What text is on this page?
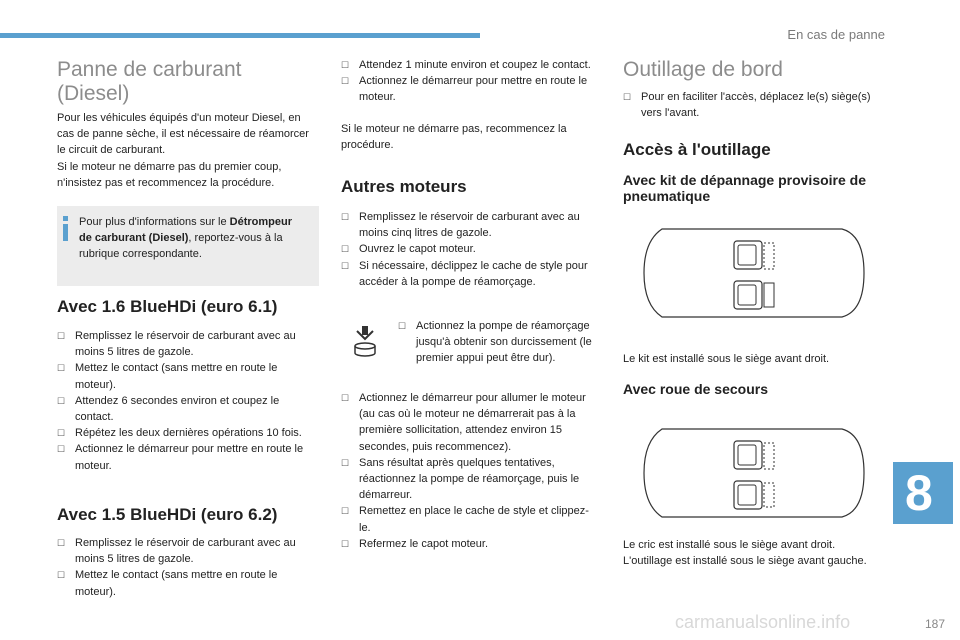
En cas de panne
Panne de carburant
(Diesel)

Pour les véhicules équipés d'un moteur Diesel, en cas de panne sèche, il est nécessaire de réamorcer le circuit de carburant.
Si le moteur ne démarre pas du premier coup, n'insistez pas et recommencez la procédure.

Pour plus d'informations sur le Détrompeur de carburant (Diesel), reportez-vous à la rubrique correspondante.
Avec 1.6 BlueHDi (euro 6.1)
☐ Remplissez le réservoir de carburant avec au moins 5 litres de gazole.
☐ Mettez le contact (sans mettre en route le moteur).
☐ Attendez 6 secondes environ et coupez le contact.
☐ Répétez les deux dernières opérations 10 fois.
☐ Actionnez le démarreur pour mettre en route le moteur.
Avec 1.5 BlueHDi (euro 6.2)
☐ Remplissez le réservoir de carburant avec au moins 5 litres de gazole.
☐ Mettez le contact (sans mettre en route le moteur).
☐ Attendez 1 minute environ et coupez le contact.
☐ Actionnez le démarreur pour mettre en route le moteur.

Si le moteur ne démarre pas, recommencez la procédure.

Autres moteurs
☐ Remplissez le réservoir de carburant avec au moins cinq litres de gazole.
☐ Ouvrez le capot moteur.
☐ Si nécessaire, déclippez le cache de style pour accéder à la pompe de réamorçage.
☐ Actionnez la pompe de réamorçage jusqu'à obtenir son durcissement (le premier appui peut être dur).
☐ Actionnez le démarreur pour allumer le moteur (au cas où le moteur ne démarrerait pas à la première sollicitation, attendez environ 15 secondes, puis recommencez).
☐ Sans résultat après quelques tentatives, réactionnez la pompe de réamorçage, puis le démarreur.
☐ Remettez en place le cache de style et clippez-le.
☐ Refermez le capot moteur.
Outillage de bord
☐ Pour en faciliter l'accès, déplacez le(s) siège(s) vers l'avant.
Accès à l'outillage
Avec kit de dépannage provisoire de pneumatique

Le kit est installé sous le siège avant droit.

Avec roue de secours

Le cric est installé sous le siège avant droit.
L'outillage est installé sous le siège avant gauche.

8
carmanualsonline.info	187
